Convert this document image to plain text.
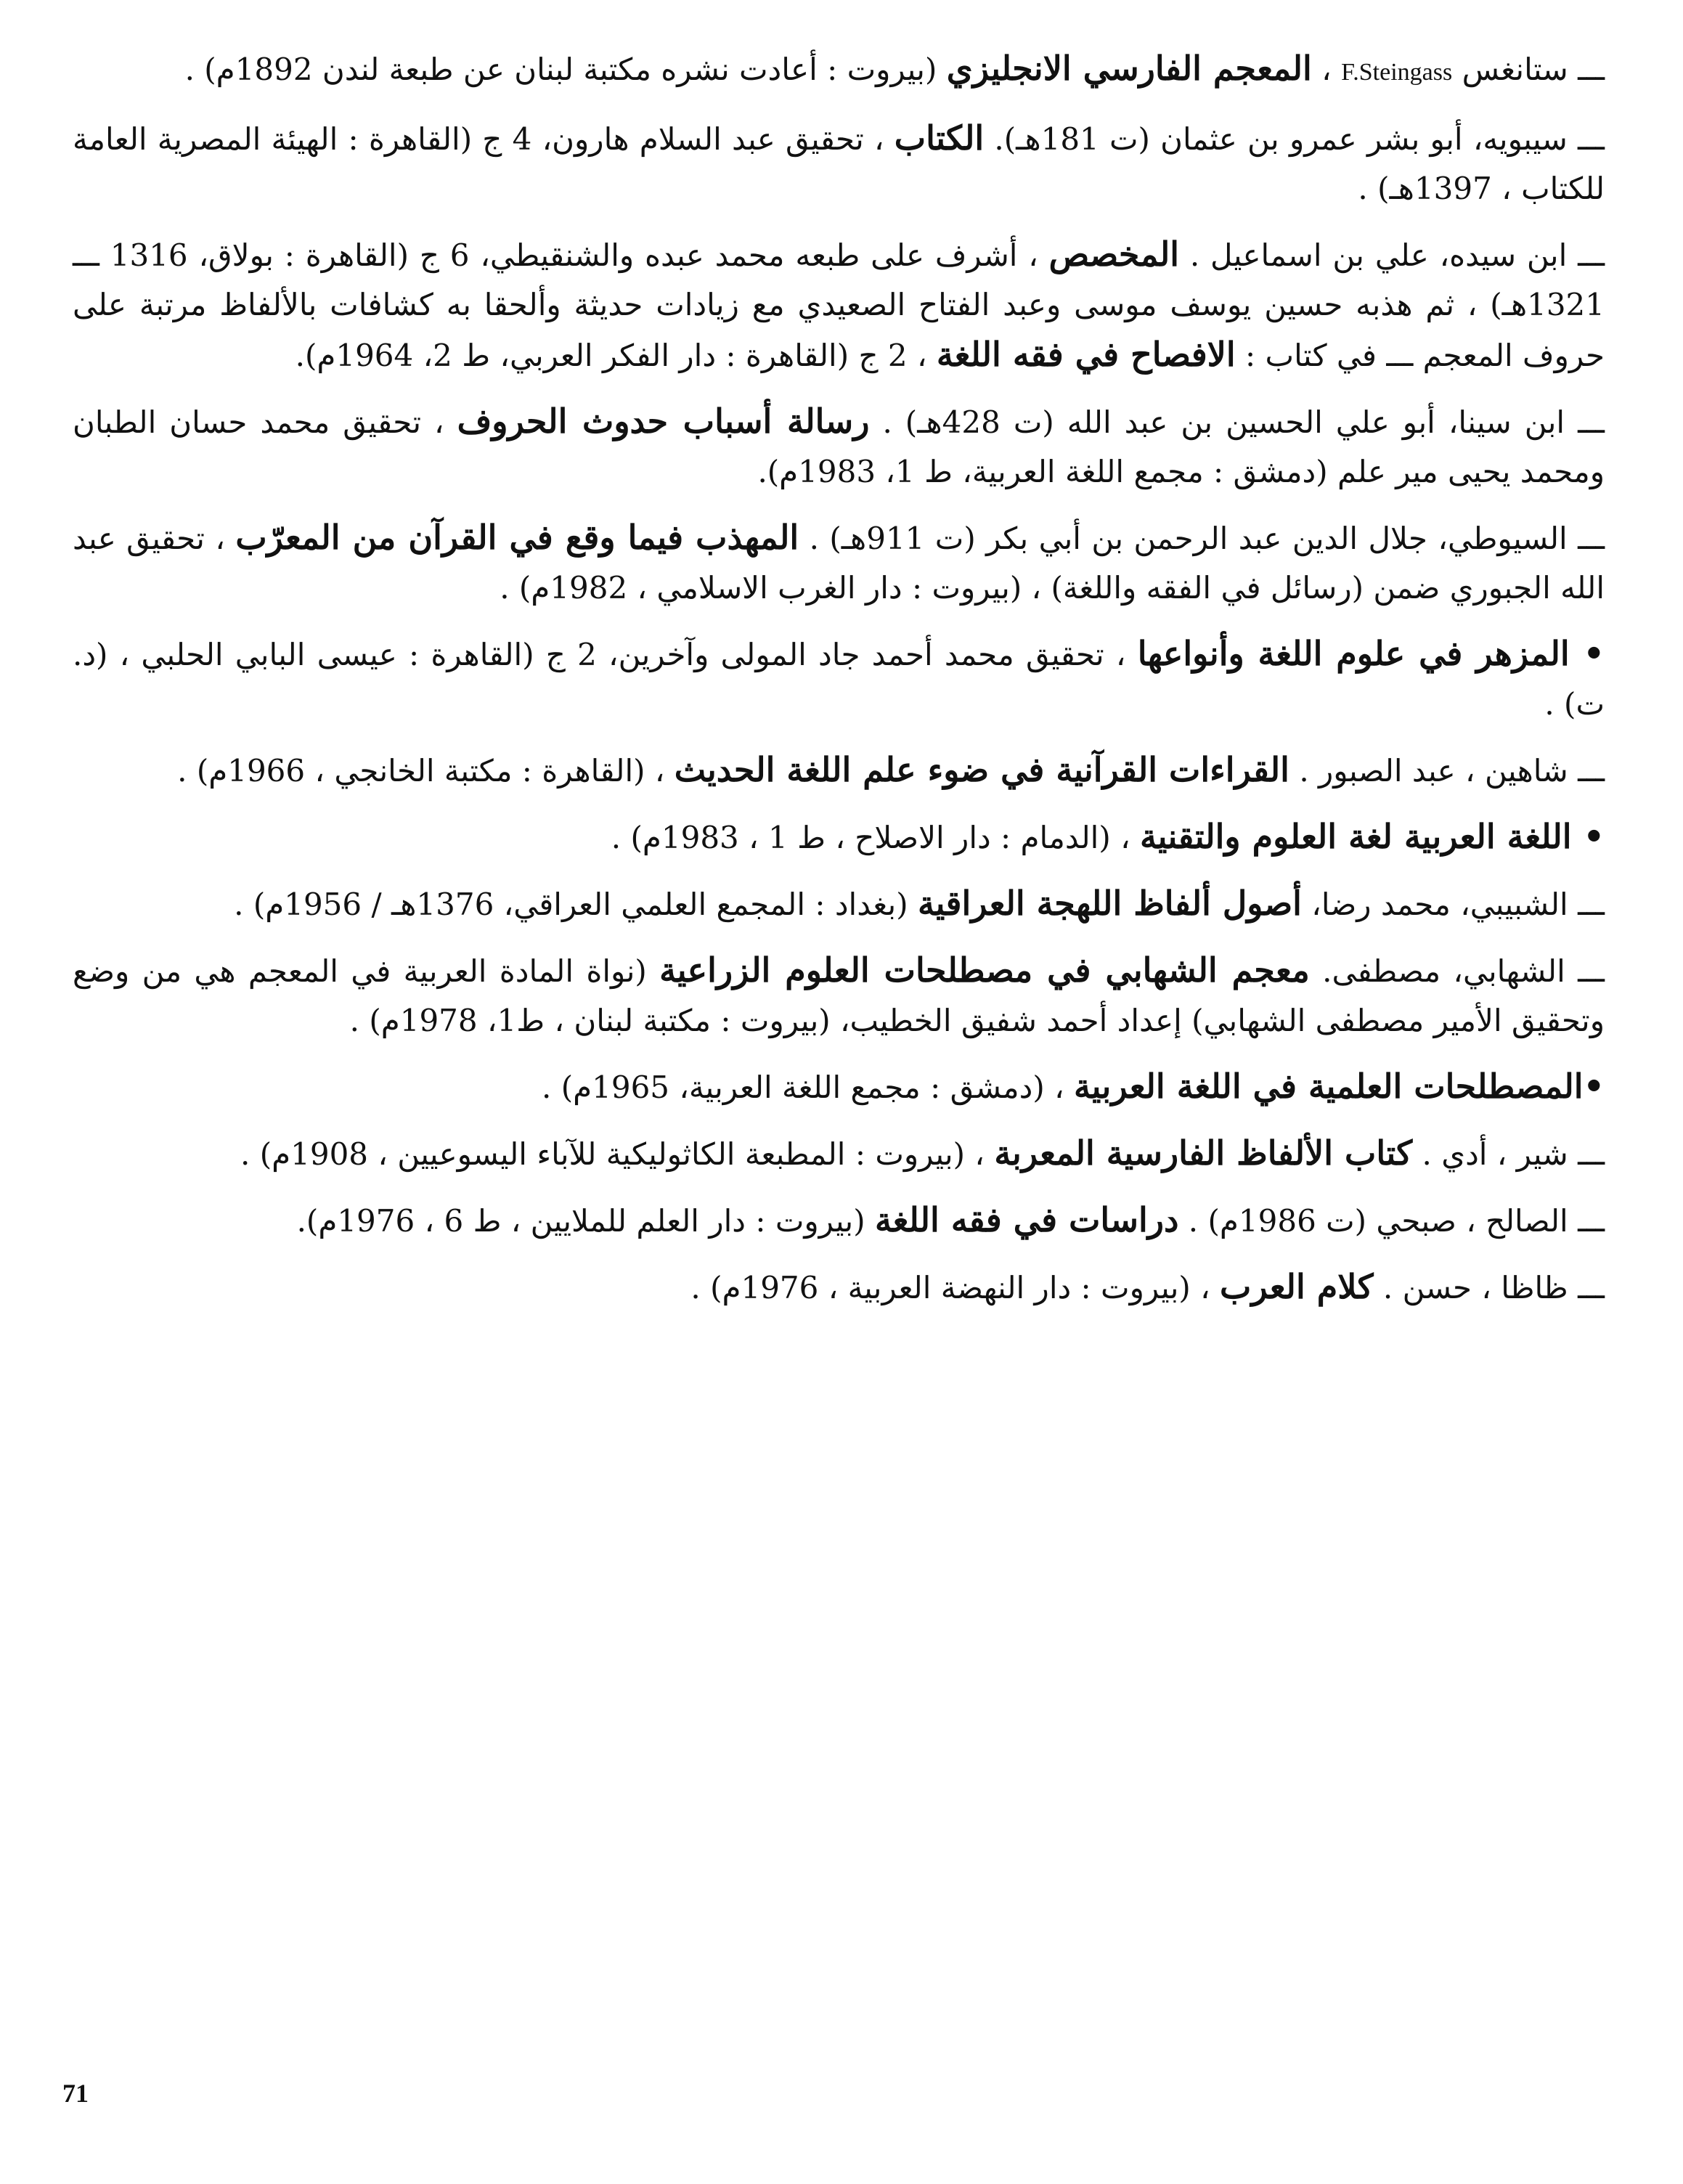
ـــ ستانغس F.Steingass ، المعجم الفارسي الانجليزي (بيروت : أعادت نشره مكتبة لبنان عن طبعة لندن 1892م) .

ـــ سيبويه، أبو بشر عمرو بن عثمان (ت 181هـ). الكتاب ، تحقيق عبد السلام هارون، 4 ج (القاهرة : الهيئة المصرية العامة للكتاب ، 1397هـ) .

ـــ ابن سيده، علي بن اسماعيل . المخصص ، أشرف على طبعه محمد عبده والشنقيطي، 6 ج (القاهرة : بولاق، 1316 ـــ 1321هـ) ، ثم هذبه حسين يوسف موسى وعبد الفتاح الصعيدي مع زيادات حديثة وألحقا به كشافات بالألفاظ مرتبة على حروف المعجم ـــ في كتاب : الافصاح في فقه اللغة ، 2 ج (القاهرة : دار الفكر العربي، ط 2، 1964م).

ـــ ابن سينا، أبو علي الحسين بن عبد الله (ت 428هـ) . رسالة أسباب حدوث الحروف ، تحقيق محمد حسان الطبان ومحمد يحيى مير علم (دمشق : مجمع اللغة العربية، ط 1، 1983م).

ـــ السيوطي، جلال الدين عبد الرحمن بن أبي بكر (ت 911هـ) . المهذب فيما وقع في القرآن من المعرّب ، تحقيق عبد الله الجبوري ضمن (رسائل في الفقه واللغة) ، (بيروت : دار الغرب الاسلامي ، 1982م) .

• المزهر في علوم اللغة وأنواعها ، تحقيق محمد أحمد جاد المولى وآخرين، 2 ج (القاهرة : عيسى البابي الحلبي ، (د. ت) .

ـــ شاهين ، عبد الصبور . القراءات القرآنية في ضوء علم اللغة الحديث ، (القاهرة : مكتبة الخانجي ، 1966م) .

• اللغة العربية لغة العلوم والتقنية ، (الدمام : دار الاصلاح ، ط 1 ، 1983م) .

ـــ الشبيبي، محمد رضا، أصول ألفاظ اللهجة العراقية (بغداد : المجمع العلمي العراقي، 1376هـ / 1956م) .

ـــ الشهابي، مصطفى. معجم الشهابي في مصطلحات العلوم الزراعية (نواة المادة العربية في المعجم هي من وضع وتحقيق الأمير مصطفى الشهابي) إعداد أحمد شفيق الخطيب، (بيروت : مكتبة لبنان ، ط1، 1978م) .

•المصطلحات العلمية في اللغة العربية ، (دمشق : مجمع اللغة العربية، 1965م) .

ـــ شير ، أدي . كتاب الألفاظ الفارسية المعربة ، (بيروت : المطبعة الكاثوليكية للآباء اليسوعيين ، 1908م) .

ـــ الصالح ، صبحي (ت 1986م) . دراسات في فقه اللغة (بيروت : دار العلم للملايين ، ط 6 ، 1976م).

ـــ ظاظا ، حسن . كلام العرب ، (بيروت : دار النهضة العربية ، 1976م) .

71
